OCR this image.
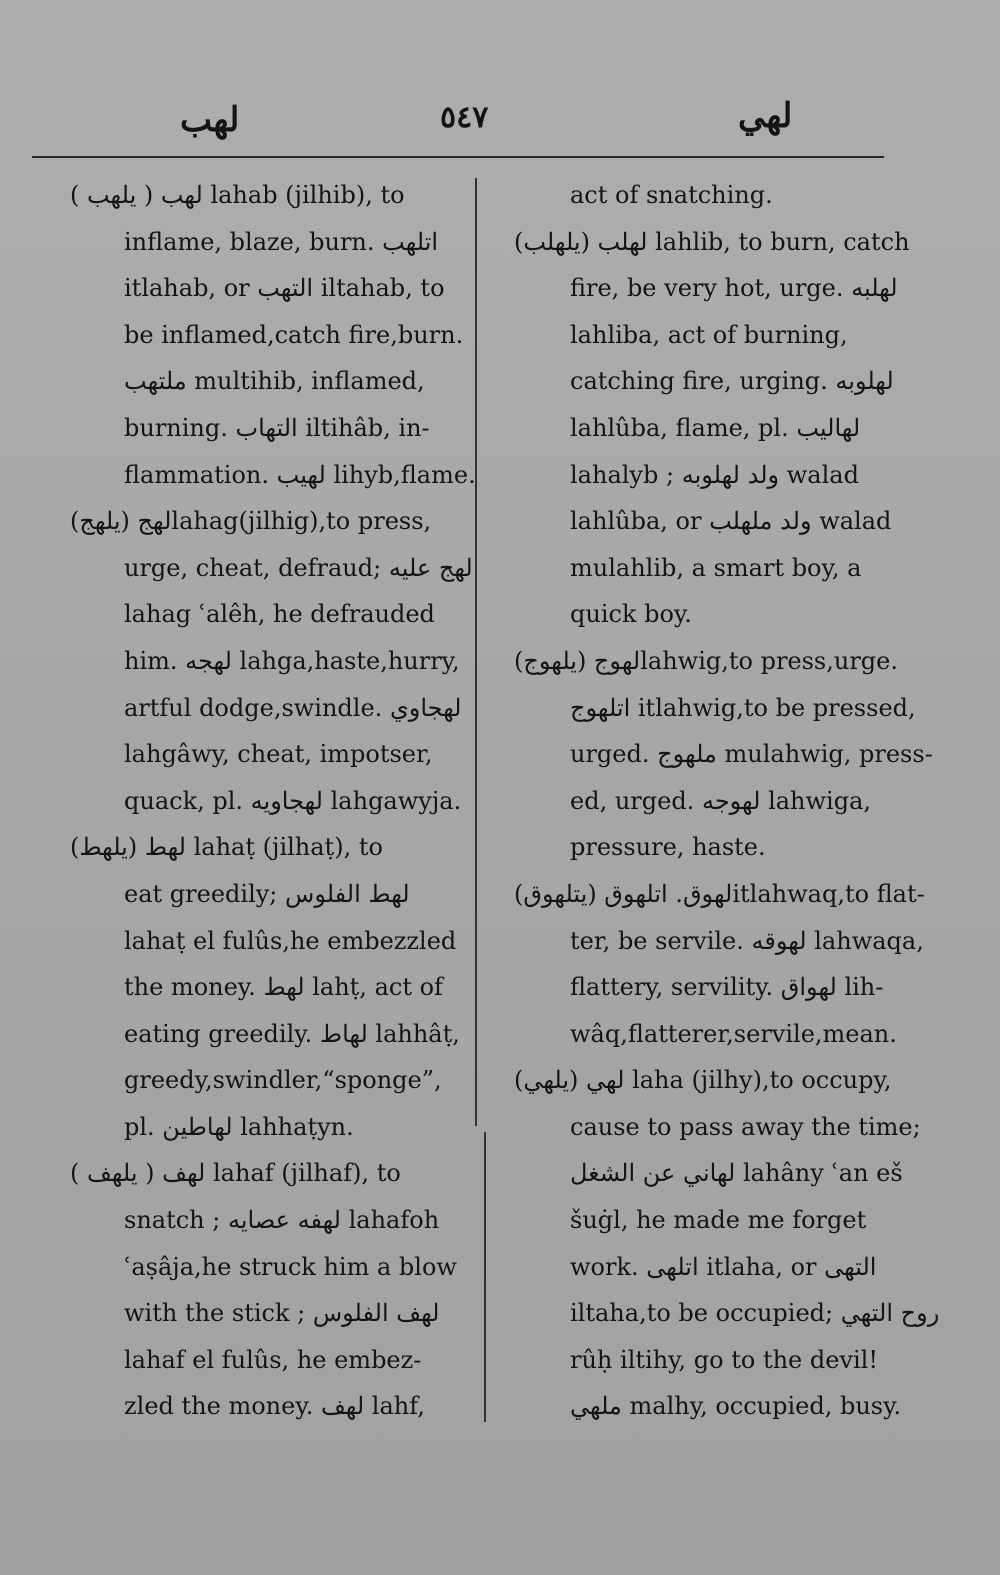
لهب	٥٤٧	لهي
لهب ( يلهب ) lahab (jilhib), to
inflame, blaze, burn. اتلهب
itlahab, or التهب iltahab, to
be inflamed,catch fire,burn.
ملتهب multihib, inflamed,
burning. التهاب iltihâb, in-
flammation. لهيب lihyb,flame.
لهج (يلهج)lahag(jilhig),to press,
urge, cheat, defraud; لهج عليه
lahag ʿalêh, he defrauded
him. لهجه lahga,haste,hurry,
artful dodge,swindle. لهجاوي
lahgâwy, cheat, impotser,
quack, pl. لهجاويه lahgawyja.
لهط (يلهط) lahaṭ (jilhaṭ), to
eat greedily; لهط الفلوس
lahaṭ el fulûs,he embezzled
the money. لهط lahṭ, act of
eating greedily. لهاط lahhâṭ,
greedy,swindler,“sponge”,
pl. لهاطين lahhaṭyn.
لهف ( يلهف ) lahaf (jilhaf), to
snatch ; لهفه عصايه lahafoh
ʿaṣâja,he struck him a blow
with the stick ; لهف الفلوس
lahaf el fulûs, he embez-
zled the money. لهف lahf,
act of snatching.
لهلب (يلهلب) lahlib, to burn, catch
fire, be very hot, urge. لهلبه
lahliba, act of burning,
catching fire, urging. لهلوبه
lahlûba, flame, pl. لهاليب
lahalyb ; ولد لهلوبه walad
lahlûba, or ولد ملهلب walad
mulahlib, a smart boy, a
quick boy.
لهوج (يلهوج)lahwig,to press,urge.
اتلهوج itlahwig,to be pressed,
urged. ملهوج mulahwig, press-
ed, urged. لهوجه lahwiga,
pressure, haste.
لهوق. اتلهوق (يتلهوق)itlahwaq,to flat-
ter, be servile. لهوقه lahwaqa,
flattery, servility. لهواق lih-
wâq,flatterer,servile,mean.
لهي (يلهي) laha (jilhy),to occupy,
cause to pass away the time;
لهاني عن الشغل lahâny ʿan eš
šuġl, he made me forget
work. اتلهى itlaha, or التهى
iltaha,to be occupied; روح التهي
rûḥ iltihy, go to the devil!
ملهي malhy, occupied, busy.
